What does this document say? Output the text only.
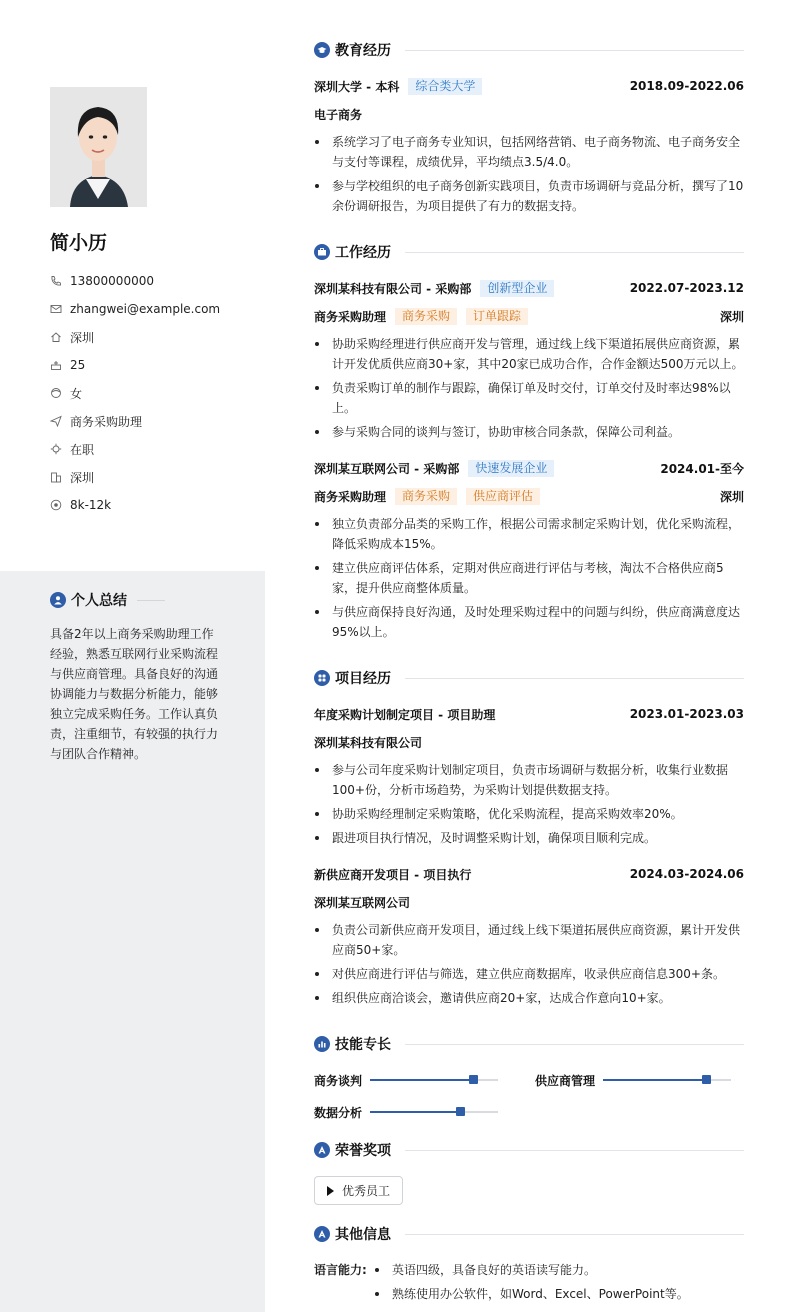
简小历
13800000000
zhangwei@example.com
深圳
25
女
商务采购助理
在职
深圳
8k-12k
个人总结
具备2年以上商务采购助理工作经验，熟悉互联网行业采购流程与供应商管理。具备良好的沟通协调能力与数据分析能力，能够独立完成采购任务。工作认真负责，注重细节，有较强的执行力与团队合作精神。
教育经历
深圳大学 - 本科	综合类大学	2018.09-2022.06
电子商务
系统学习了电子商务专业知识，包括网络营销、电子商务物流、电子商务安全与支付等课程，成绩优异，平均绩点3.5/4.0。
参与学校组织的电子商务创新实践项目，负责市场调研与竞品分析，撰写了10余份调研报告，为项目提供了有力的数据支持。
工作经历
深圳某科技有限公司 - 采购部	创新型企业	2022.07-2023.12
商务采购助理	商务采购	订单跟踪	深圳
协助采购经理进行供应商开发与管理，通过线上线下渠道拓展供应商资源，累计开发优质供应商30+家，其中20家已成功合作，合作金额达500万元以上。
负责采购订单的制作与跟踪，确保订单及时交付，订单交付及时率达98%以上。
参与采购合同的谈判与签订，协助审核合同条款，保障公司利益。
深圳某互联网公司 - 采购部	快速发展企业	2024.01-至今
商务采购助理	商务采购	供应商评估	深圳
独立负责部分品类的采购工作，根据公司需求制定采购计划，优化采购流程，降低采购成本15%。
建立供应商评估体系，定期对供应商进行评估与考核，淘汰不合格供应商5家，提升供应商整体质量。
与供应商保持良好沟通，及时处理采购过程中的问题与纠纷，供应商满意度达95%以上。
项目经历
年度采购计划制定项目 - 项目助理	2023.01-2023.03
深圳某科技有限公司
参与公司年度采购计划制定项目，负责市场调研与数据分析，收集行业数据100+份，分析市场趋势，为采购计划提供数据支持。
协助采购经理制定采购策略，优化采购流程，提高采购效率20%。
跟进项目执行情况，及时调整采购计划，确保项目顺利完成。
新供应商开发项目 - 项目执行	2024.03-2024.06
深圳某互联网公司
负责公司新供应商开发项目，通过线上线下渠道拓展供应商资源，累计开发供应商50+家。
对供应商进行评估与筛选，建立供应商数据库，收录供应商信息300+条。
组织供应商洽谈会，邀请供应商20+家，达成合作意向10+家。
技能专长
商务谈判	供应商管理
数据分析
荣誉奖项
优秀员工
其他信息
语言能力:	英语四级，具备良好的英语读写能力。
熟练使用办公软件，如Word、Excel、PowerPoint等。
